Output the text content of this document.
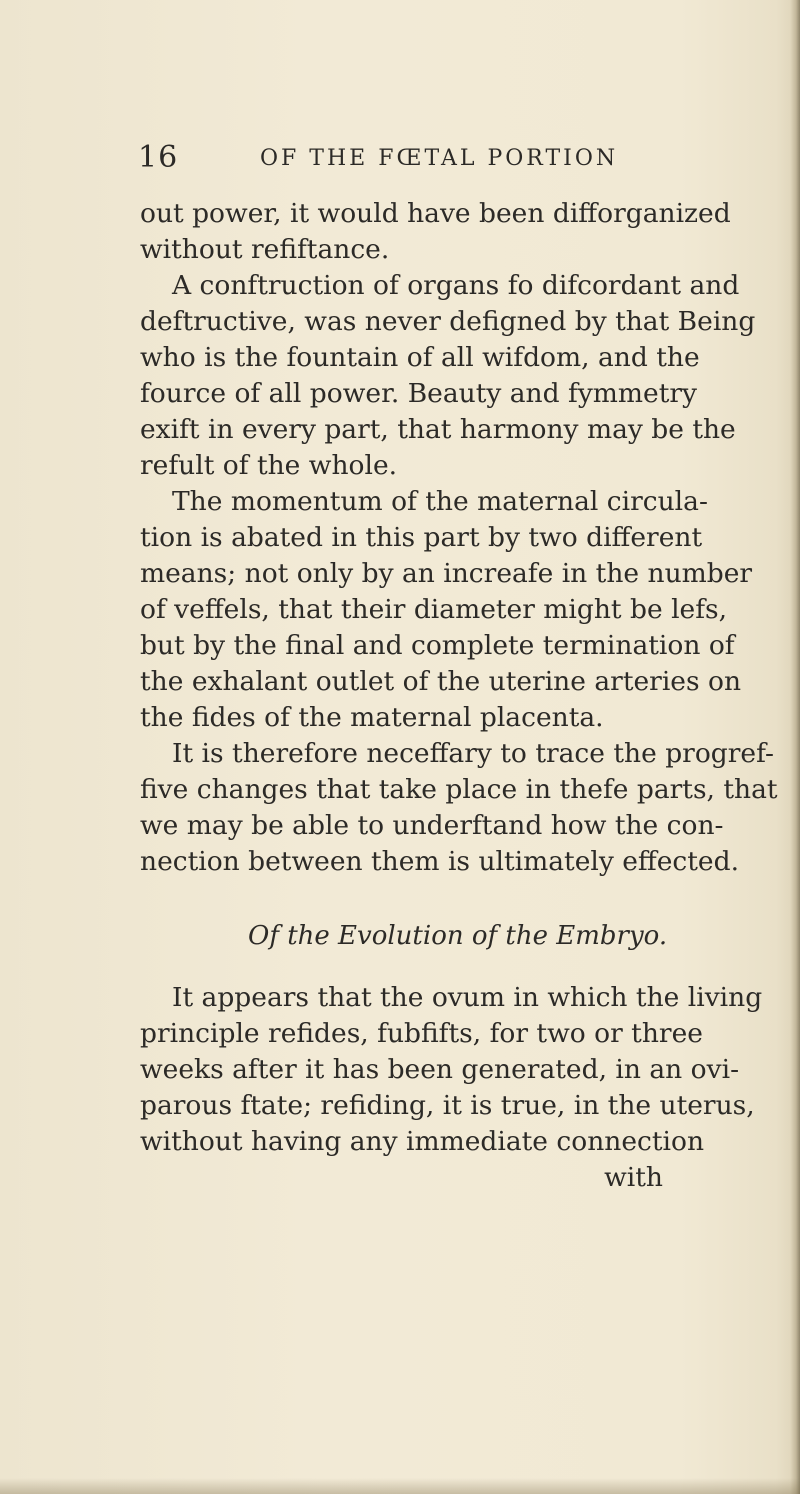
16	OF THE FŒTAL PORTION
out power, it would have been difforganized
without refiftance.
A conftruction of organs fo difcordant and
deftructive, was never defigned by that Being
who is the fountain of all wifdom, and the
fource of all power. Beauty and fymmetry
exift in every part, that harmony may be the
refult of the whole.
The momentum of the maternal circula-
tion is abated in this part by two different
means; not only by an increafe in the number
of veffels, that their diameter might be lefs,
but by the final and complete termination of
the exhalant outlet of the uterine arteries on
the fides of the maternal placenta.
It is therefore neceffary to trace the progref-
five changes that take place in thefe parts, that
we may be able to underftand how the con-
nection between them is ultimately effected.
Of the Evolution of the Embryo.
It appears that the ovum in which the living
principle refides, fubfifts, for two or three
weeks after it has been generated, in an ovi-
parous ftate; refiding, it is true, in the uterus,
without having any immediate connection
with
